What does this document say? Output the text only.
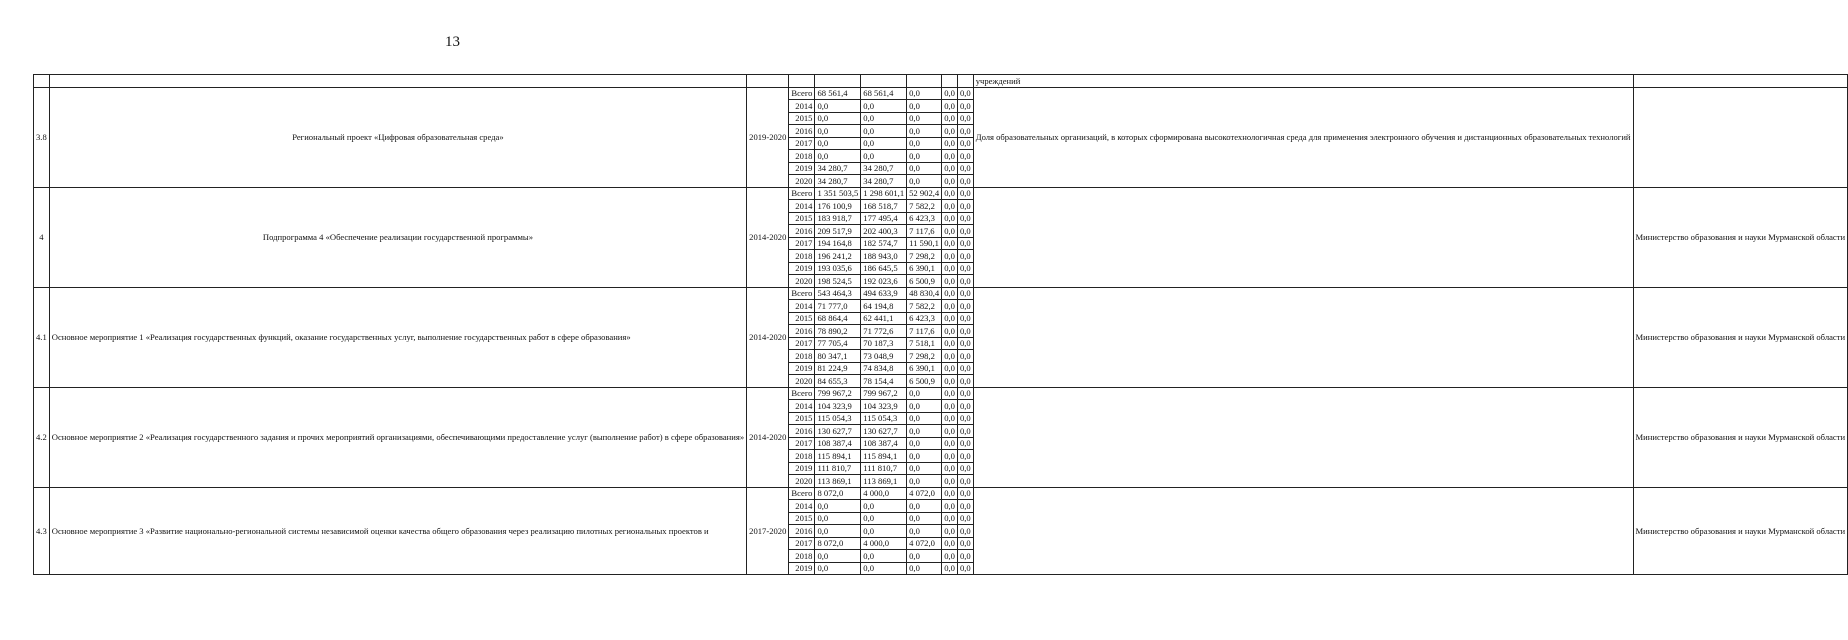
13
									учреждений	
3.8	Региональный проект «Цифровая образовательная среда»	2019-2020	Всего	68 561,4	68 561,4	0,0	0,0	0,0	Доля образовательных организаций, в которых сформирована высокотехнологичная среда для применения электронного обучения и дистанционных образовательных технологий	
			2014	0,0	0,0	0,0	0,0	0,0		
			2015	0,0	0,0	0,0	0,0	0,0		
			2016	0,0	0,0	0,0	0,0	0,0		
			2017	0,0	0,0	0,0	0,0	0,0		
			2018	0,0	0,0	0,0	0,0	0,0		
			2019	34 280,7	34 280,7	0,0	0,0	0,0		
			2020	34 280,7	34 280,7	0,0	0,0	0,0		
4	Подпрограмма 4 «Обеспечение реализации государственной программы»	2014-2020	Всего	1 351 503,5	1 298 601,1	52 902,4	0,0	0,0		Министерство образования и науки Мурманской области
			2014	176 100,9	168 518,7	7 582,2	0,0	0,0		
			2015	183 918,7	177 495,4	6 423,3	0,0	0,0		
			2016	209 517,9	202 400,3	7 117,6	0,0	0,0		
			2017	194 164,8	182 574,7	11 590,1	0,0	0,0		
			2018	196 241,2	188 943,0	7 298,2	0,0	0,0		
			2019	193 035,6	186 645,5	6 390,1	0,0	0,0		
			2020	198 524,5	192 023,6	6 500,9	0,0	0,0		
4.1	Основное мероприятие 1 «Реализация государственных функций, оказание государственных услуг, выполнение государственных работ в сфере образования»	2014-2020	Всего	543 464,3	494 633,9	48 830,4	0,0	0,0		Министерство образования и науки Мурманской области
			2014	71 777,0	64 194,8	7 582,2	0,0	0,0		
			2015	68 864,4	62 441,1	6 423,3	0,0	0,0		
			2016	78 890,2	71 772,6	7 117,6	0,0	0,0		
			2017	77 705,4	70 187,3	7 518,1	0,0	0,0		
			2018	80 347,1	73 048,9	7 298,2	0,0	0,0		
			2019	81 224,9	74 834,8	6 390,1	0,0	0,0		
			2020	84 655,3	78 154,4	6 500,9	0,0	0,0		
4.2	Основное мероприятие 2 «Реализация государственного задания и прочих мероприятий организациями, обеспечивающими предоставление услуг (выполнение работ) в сфере образования»	2014-2020	Всего	799 967,2	799 967,2	0,0	0,0	0,0		Министерство образования и науки Мурманской области
			2014	104 323,9	104 323,9	0,0	0,0	0,0		
			2015	115 054,3	115 054,3	0,0	0,0	0,0		
			2016	130 627,7	130 627,7	0,0	0,0	0,0		
			2017	108 387,4	108 387,4	0,0	0,0	0,0		
			2018	115 894,1	115 894,1	0,0	0,0	0,0		
			2019	111 810,7	111 810,7	0,0	0,0	0,0		
			2020	113 869,1	113 869,1	0,0	0,0	0,0		
4.3	Основное мероприятие 3 «Развитие национально-региональной системы независимой оценки качества общего образования через реализацию пилотных региональных проектов и	2017-2020	Всего	8 072,0	4 000,0	4 072,0	0,0	0,0		Министерство образования и науки Мурманской области
			2014	0,0	0,0	0,0	0,0	0,0		
			2015	0,0	0,0	0,0	0,0	0,0		
			2016	0,0	0,0	0,0	0,0	0,0		
			2017	8 072,0	4 000,0	4 072,0	0,0	0,0		
			2018	0,0	0,0	0,0	0,0	0,0		
			2019	0,0	0,0	0,0	0,0	0,0		
